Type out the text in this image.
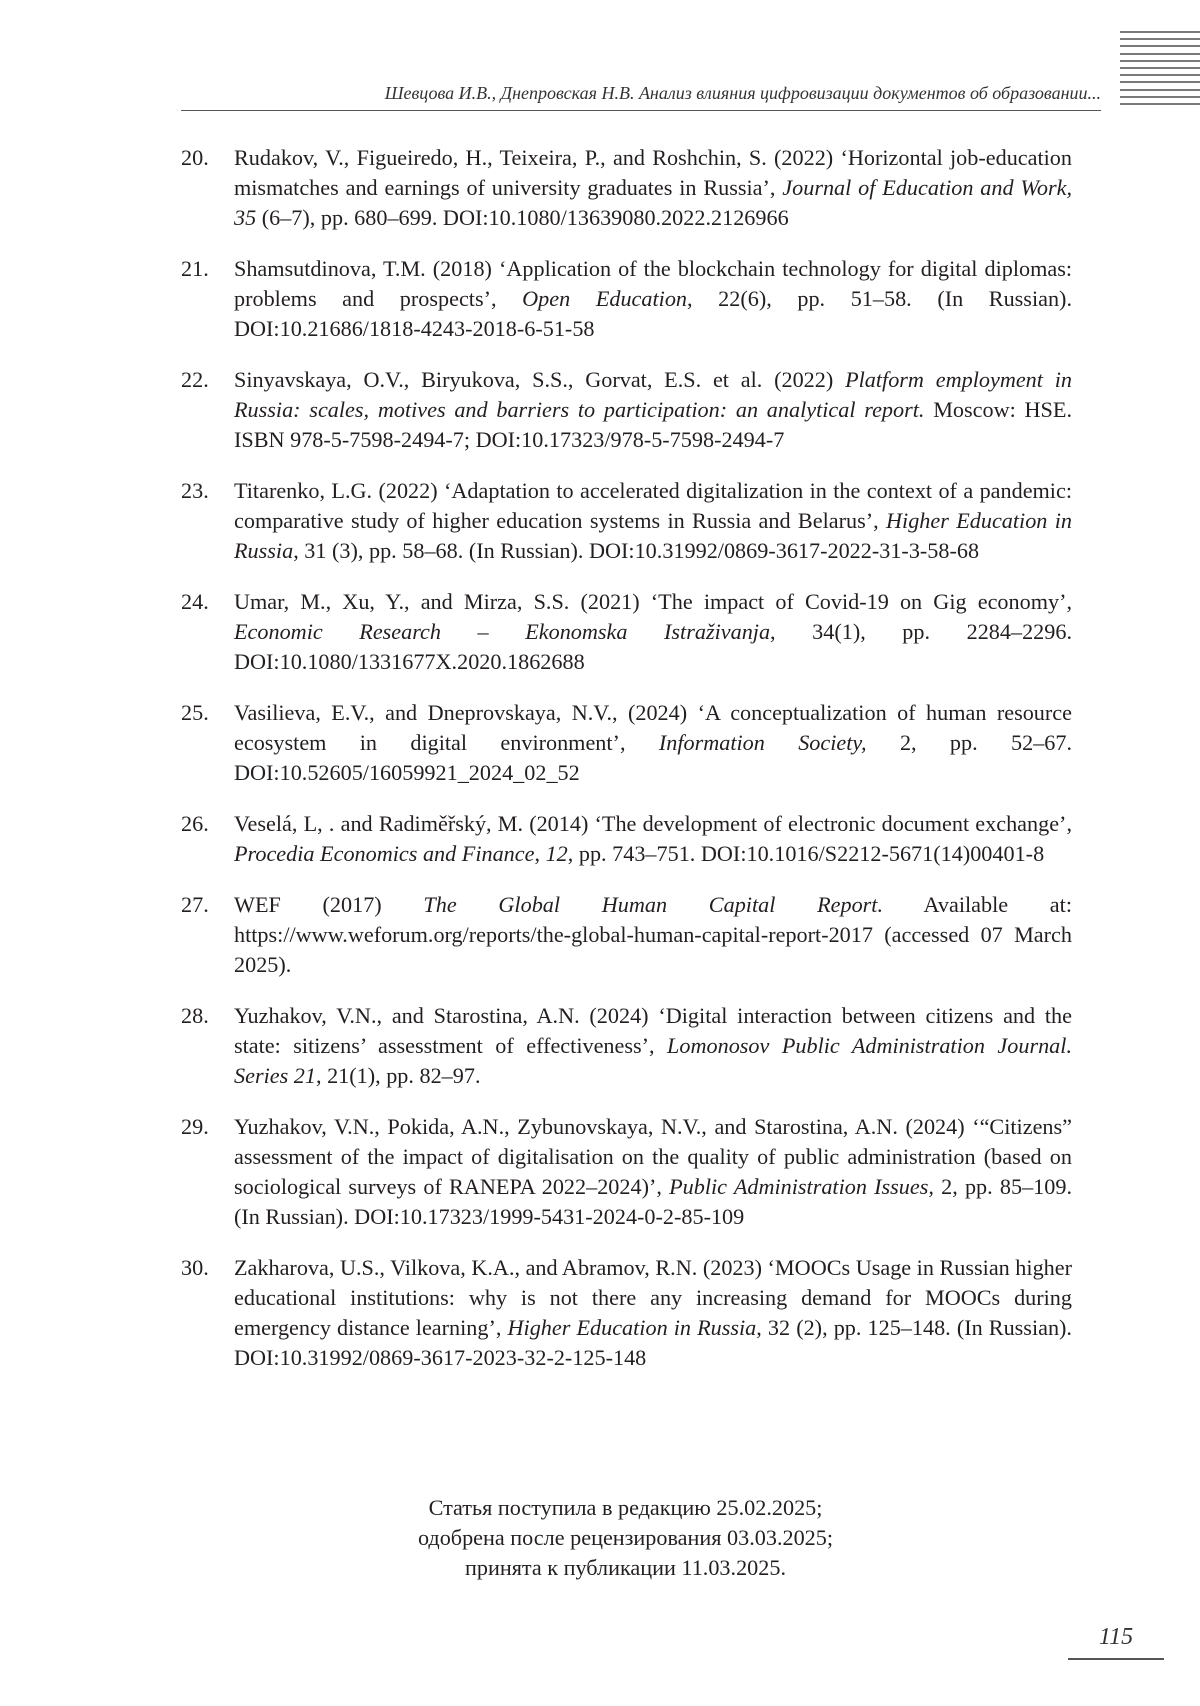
Шевцова И.В., Днепровская Н.В. Анализ влияния цифровизации документов об образовании...
20. Rudakov, V., Figueiredo, H., Teixeira, P., and Roshchin, S. (2022) ‘Horizontal job-education mismatches and earnings of university graduates in Russia’, Journal of Education and Work, 35 (6–7), pp. 680–699. DOI:10.1080/13639080.2022.2126966
21. Shamsutdinova, T.M. (2018) ‘Application of the blockchain technology for digital diplomas: problems and prospects’, Open Education, 22(6), pp. 51–58. (In Russian). DOI:10.21686/1818-4243-2018-6-51-58
22. Sinyavskaya, O.V., Biryukova, S.S., Gorvat, E.S. et al. (2022) Platform employment in Russia: scales, motives and barriers to participation: an analytical report. Moscow: HSE. ISBN 978-5-7598-2494-7; DOI:10.17323/978-5-7598-2494-7
23. Titarenko, L.G. (2022) ‘Adaptation to accelerated digitalization in the context of a pandemic: comparative study of higher education systems in Russia and Belarus’, Higher Education in Russia, 31 (3), pp. 58–68. (In Russian). DOI:10.31992/0869-3617-2022-31-3-58-68
24. Umar, M., Xu, Y., and Mirza, S.S. (2021) ‘The impact of Covid-19 on Gig economy’, Economic Research – Ekonomska Istraživanja, 34(1), pp. 2284–2296. DOI:10.1080/1331677X.2020.1862688
25. Vasilieva, E.V., and Dneprovskaya, N.V., (2024) ‘A conceptualization of human resource ecosystem in digital environment’, Information Society, 2, pp. 52–67. DOI:10.52605/16059921_2024_02_52
26. Veselá, L, . and Radiměřský, M. (2014) ‘The development of electronic document exchange’, Procedia Economics and Finance, 12, pp. 743–751. DOI:10.1016/S2212-5671(14)00401-8
27. WEF (2017) The Global Human Capital Report. Available at: https://www.weforum.org/reports/the-global-human-capital-report-2017 (accessed 07 March 2025).
28. Yuzhakov, V.N., and Starostina, A.N. (2024) ‘Digital interaction between citizens and the state: sitizens’ assesstment of effectiveness’, Lomonosov Public Administration Journal. Series 21, 21(1), pp. 82–97.
29. Yuzhakov, V.N., Pokida, A.N., Zybunovskaya, N.V., and Starostina, A.N. (2024) ‘“Citizens” assessment of the impact of digitalisation on the quality of public administration (based on sociological surveys of RANEPA 2022–2024)’, Public Administration Issues, 2, pp. 85–109. (In Russian). DOI:10.17323/1999-5431-2024-0-2-85-109
30. Zakharova, U.S., Vilkova, K.A., and Abramov, R.N. (2023) ‘MOOCs Usage in Russian higher educational institutions: why is not there any increasing demand for MOOCs during emergency distance learning’, Higher Education in Russia, 32 (2), pp. 125–148. (In Russian). DOI:10.31992/0869-3617-2023-32-2-125-148
Статья поступила в редакцию 25.02.2025;
одобрена после рецензирования 03.03.2025;
принята к публикации 11.03.2025.
115
